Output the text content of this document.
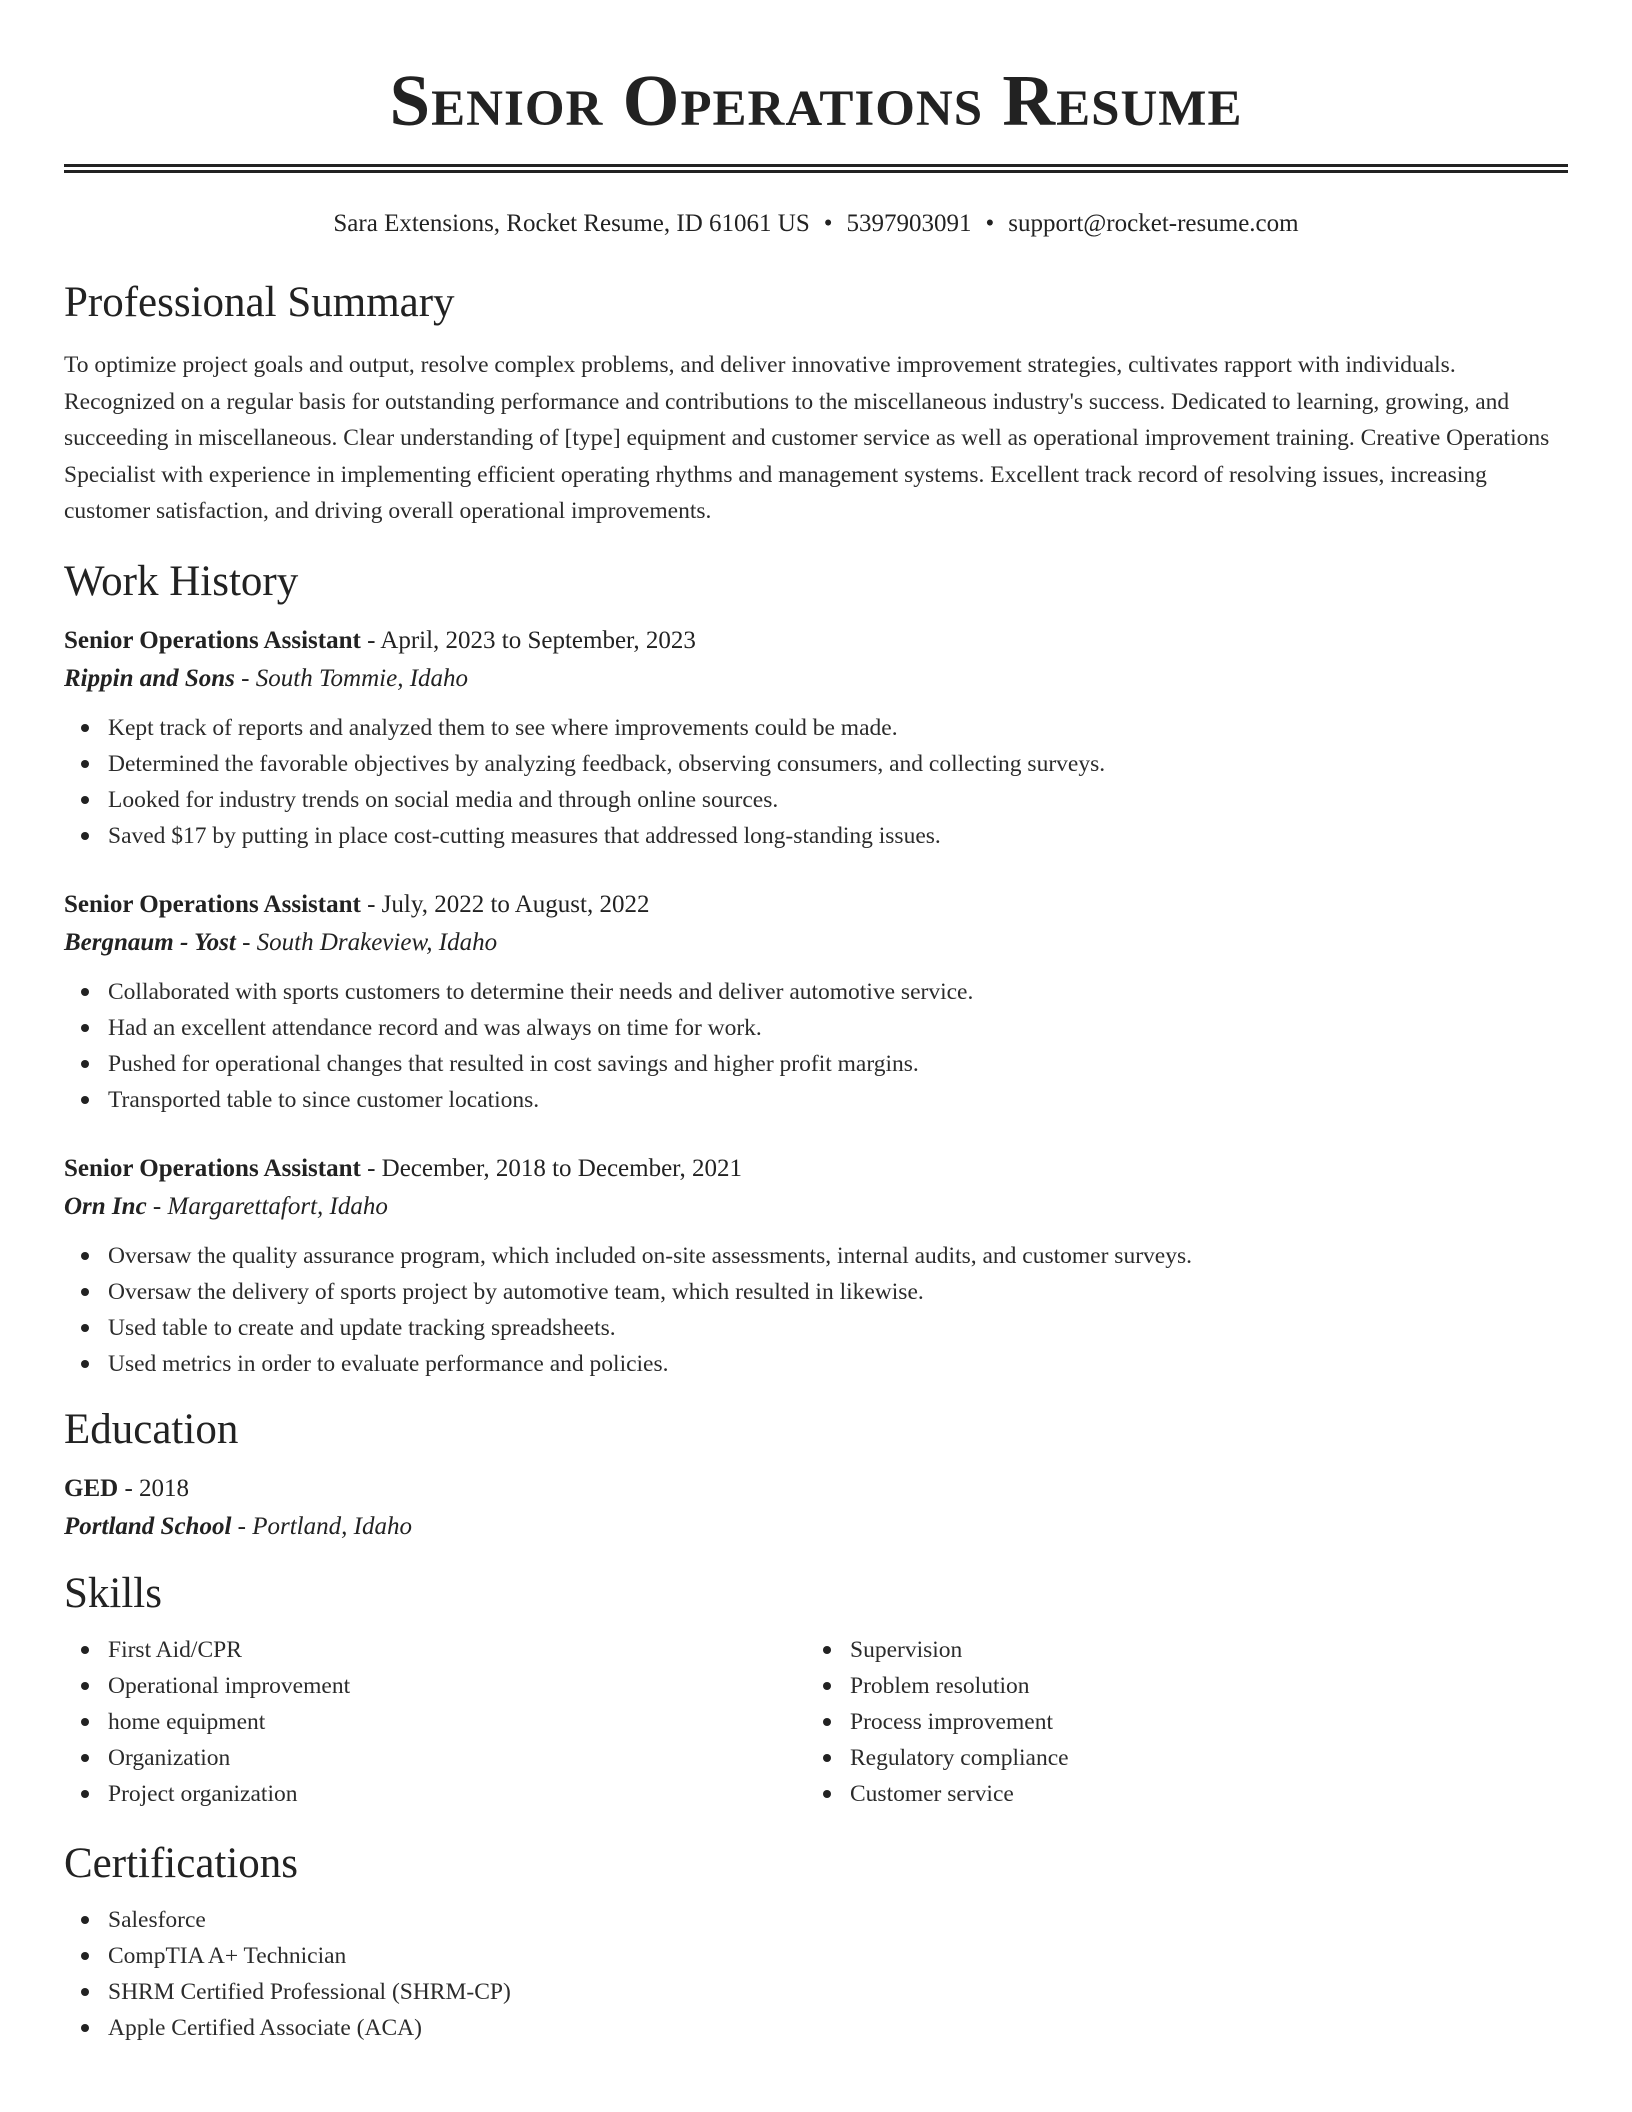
Senior Operations Resume
Sara Extensions, Rocket Resume, ID 61061 US • 5397903091 • support@rocket-resume.com
Professional Summary

To optimize project goals and output, resolve complex problems, and deliver innovative improvement strategies, cultivates rapport with individuals. Recognized on a regular basis for outstanding performance and contributions to the miscellaneous industry's success. Dedicated to learning, growing, and succeeding in miscellaneous. Clear understanding of [type] equipment and customer service as well as operational improvement training. Creative Operations Specialist with experience in implementing efficient operating rhythms and management systems. Excellent track record of resolving issues, increasing customer satisfaction, and driving overall operational improvements.

Work History
Senior Operations Assistant - April, 2023 to September, 2023
Rippin and Sons - South Tommie, Idaho
Kept track of reports and analyzed them to see where improvements could be made.
Determined the favorable objectives by analyzing feedback, observing consumers, and collecting surveys.
Looked for industry trends on social media and through online sources.
Saved $17 by putting in place cost-cutting measures that addressed long-standing issues.
Senior Operations Assistant - July, 2022 to August, 2022
Bergnaum - Yost - South Drakeview, Idaho
Collaborated with sports customers to determine their needs and deliver automotive service.
Had an excellent attendance record and was always on time for work.
Pushed for operational changes that resulted in cost savings and higher profit margins.
Transported table to since customer locations.
Senior Operations Assistant - December, 2018 to December, 2021
Orn Inc - Margarettafort, Idaho
Oversaw the quality assurance program, which included on-site assessments, internal audits, and customer surveys.
Oversaw the delivery of sports project by automotive team, which resulted in likewise.
Used table to create and update tracking spreadsheets.
Used metrics in order to evaluate performance and policies.
Education
GED - 2018
Portland School - Portland, Idaho
Skills
First Aid/CPR
Operational improvement
home equipment
Organization
Project organization
Supervision
Problem resolution
Process improvement
Regulatory compliance
Customer service
Certifications
Salesforce
CompTIA A+ Technician
SHRM Certified Professional (SHRM-CP)
Apple Certified Associate (ACA)
